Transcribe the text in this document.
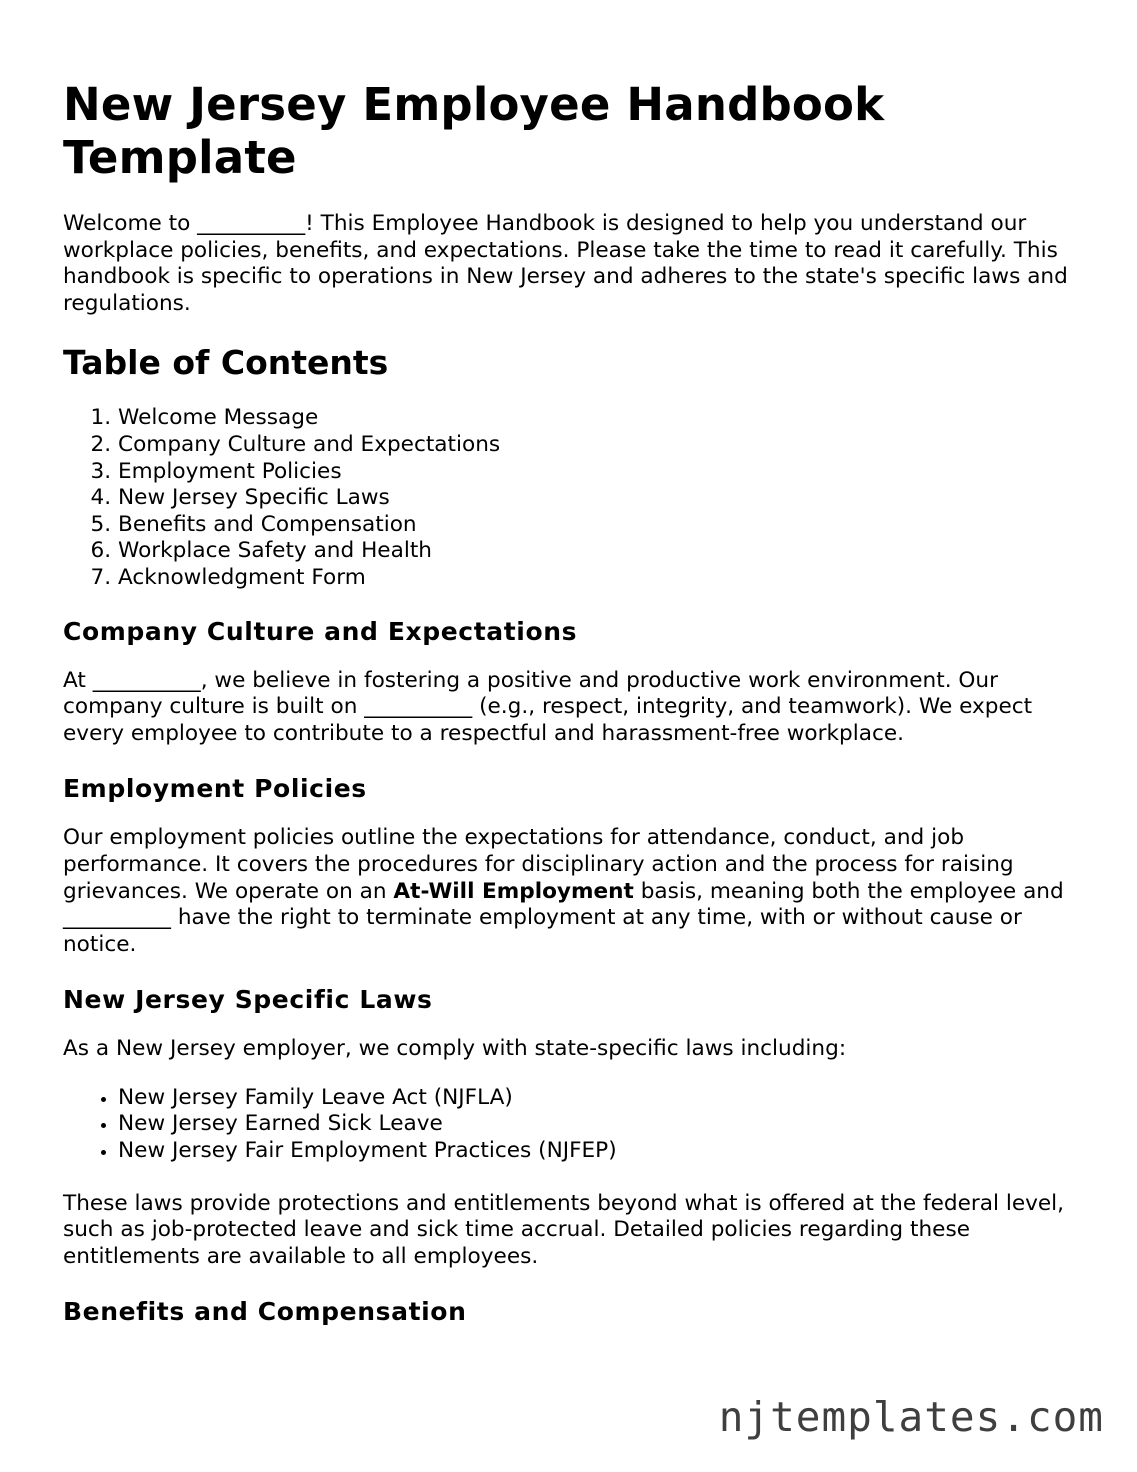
New Jersey Employee Handbook Template

Welcome to __________! This Employee Handbook is designed to help you understand our workplace policies, benefits, and expectations. Please take the time to read it carefully. This handbook is specific to operations in New Jersey and adheres to the state's specific laws and regulations.

Table of Contents
1. Welcome Message
2. Company Culture and Expectations
3. Employment Policies
4. New Jersey Specific Laws
5. Benefits and Compensation
6. Workplace Safety and Health
7. Acknowledgment Form
Company Culture and Expectations

At __________, we believe in fostering a positive and productive work environment. Our company culture is built on __________ (e.g., respect, integrity, and teamwork). We expect every employee to contribute to a respectful and harassment-free workplace.

Employment Policies

Our employment policies outline the expectations for attendance, conduct, and job performance. It covers the procedures for disciplinary action and the process for raising grievances. We operate on an At-Will Employment basis, meaning both the employee and __________ have the right to terminate employment at any time, with or without cause or notice.

New Jersey Specific Laws

As a New Jersey employer, we comply with state-specific laws including:

• New Jersey Family Leave Act (NJFLA)
• New Jersey Earned Sick Leave
• New Jersey Fair Employment Practices (NJFEP)

These laws provide protections and entitlements beyond what is offered at the federal level, such as job-protected leave and sick time accrual. Detailed policies regarding these entitlements are available to all employees.

Benefits and Compensation
njtemplates.com
